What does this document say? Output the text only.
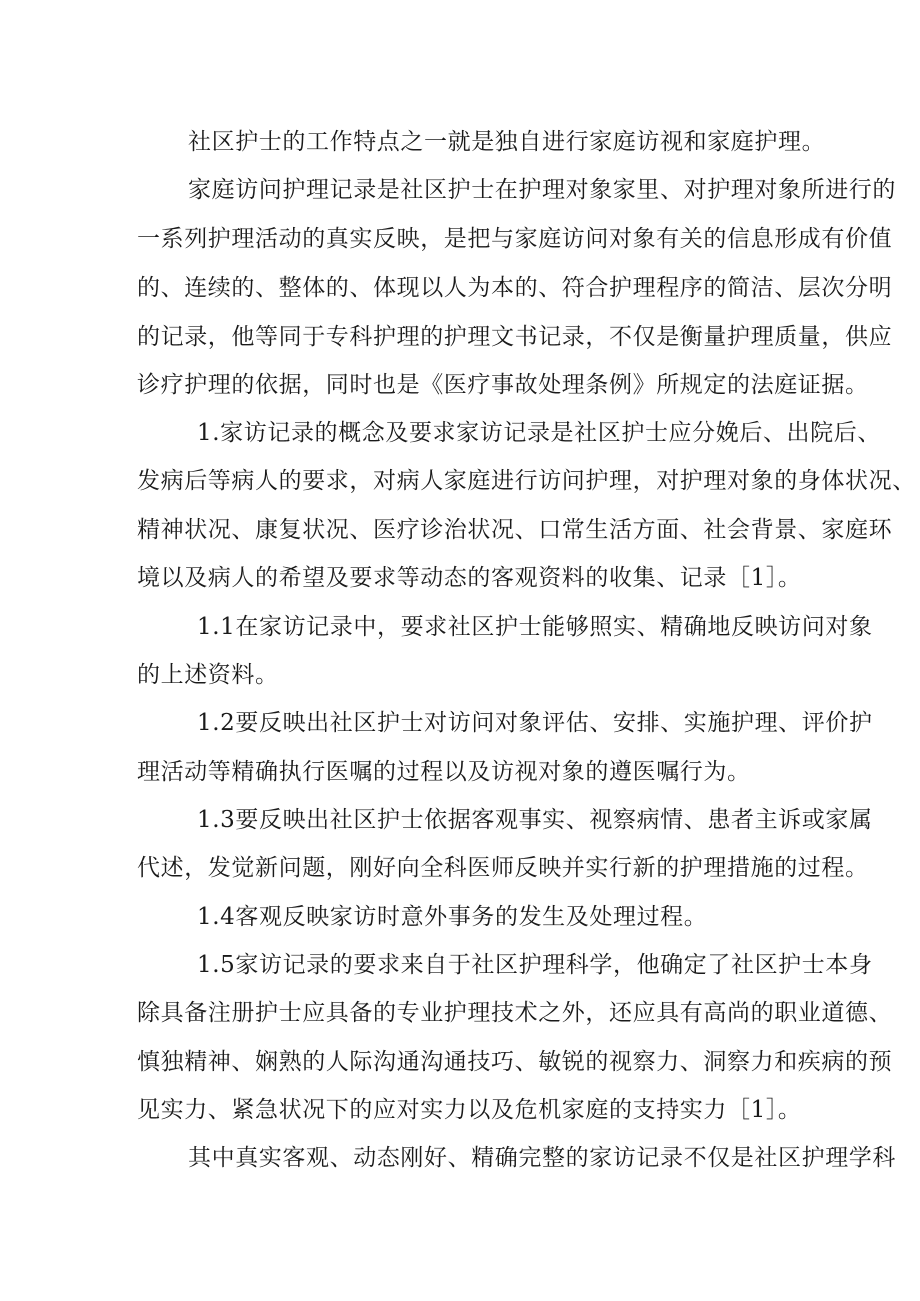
社区护士的工作特点之一就是独自进行家庭访视和家庭护理。
家庭访问护理记录是社区护士在护理对象家里、对护理对象所进行的
一系列护理活动的真实反映，是把与家庭访问对象有关的信息形成有价值
的、连续的、整体的、体现以人为本的、符合护理程序的简洁、层次分明
的记录，他等同于专科护理的护理文书记录，不仅是衡量护理质量，供应
诊疗护理的依据，同时也是《医疗事故处理条例》所规定的法庭证据。
1.家访记录的概念及要求家访记录是社区护士应分娩后、出院后、
发病后等病人的要求，对病人家庭进行访问护理，对护理对象的身体状况、
精神状况、康复状况、医疗诊治状况、口常生活方面、社会背景、家庭环
境以及病人的希望及要求等动态的客观资料的收集、记录［1］。
1.1在家访记录中，要求社区护士能够照实、精确地反映访问对象
的上述资料。
1.2要反映出社区护士对访问对象评估、安排、实施护理、评价护
理活动等精确执行医嘱的过程以及访视对象的遵医嘱行为。
1.3要反映出社区护士依据客观事实、视察病情、患者主诉或家属
代述，发觉新问题，刚好向全科医师反映并实行新的护理措施的过程。
1.4客观反映家访时意外事务的发生及处理过程。
1.5家访记录的要求来自于社区护理科学，他确定了社区护士本身
除具备注册护士应具备的专业护理技术之外，还应具有高尚的职业道德、
慎独精神、娴熟的人际沟通沟通技巧、敏锐的视察力、洞察力和疾病的预
见实力、紧急状况下的应对实力以及危机家庭的支持实力［1］。
其中真实客观、动态刚好、精确完整的家访记录不仅是社区护理学科
